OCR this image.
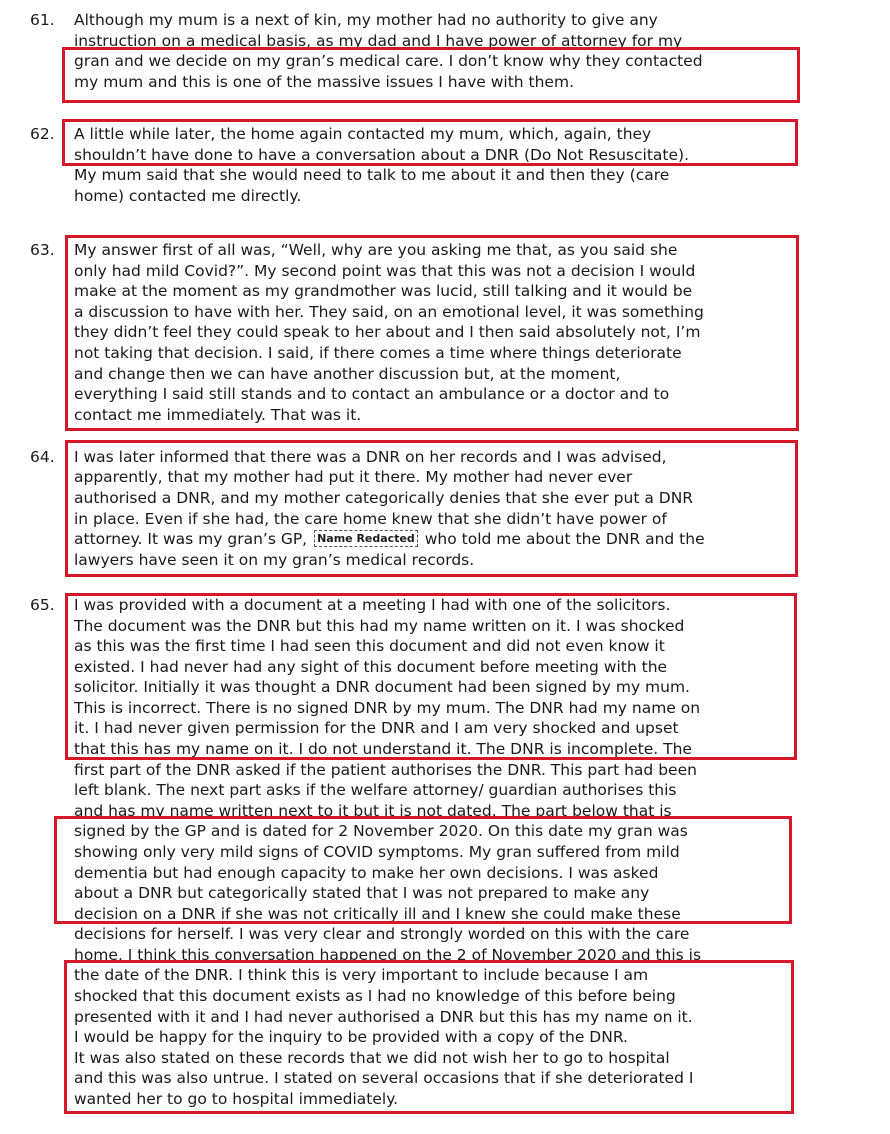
61. Although my mum is a next of kin, my mother had no authority to give any
instruction on a medical basis, as my dad and I have power of attorney for my
gran and we decide on my gran’s medical care. I don’t know why they contacted
my mum and this is one of the massive issues I have with them.
62. A little while later, the home again contacted my mum, which, again, they
shouldn’t have done to have a conversation about a DNR (Do Not Resuscitate).
My mum said that she would need to talk to me about it and then they (care
home) contacted me directly.
63. My answer first of all was, “Well, why are you asking me that, as you said she
only had mild Covid?”. My second point was that this was not a decision I would
make at the moment as my grandmother was lucid, still talking and it would be
a discussion to have with her. They said, on an emotional level, it was something
they didn’t feel they could speak to her about and I then said absolutely not, I’m
not taking that decision. I said, if there comes a time where things deteriorate
and change then we can have another discussion but, at the moment,
everything I said still stands and to contact an ambulance or a doctor and to
contact me immediately. That was it.
64. I was later informed that there was a DNR on her records and I was advised,
apparently, that my mother had put it there. My mother had never ever
authorised a DNR, and my mother categorically denies that she ever put a DNR
in place. Even if she had, the care home knew that she didn’t have power of
attorney. It was my gran’s GP, Name Redacted who told me about the DNR and the
lawyers have seen it on my gran’s medical records.
65. I was provided with a document at a meeting I had with one of the solicitors.
The document was the DNR but this had my name written on it. I was shocked
as this was the first time I had seen this document and did not even know it
existed. I had never had any sight of this document before meeting with the
solicitor. Initially it was thought a DNR document had been signed by my mum.
This is incorrect. There is no signed DNR by my mum. The DNR had my name on
it. I had never given permission for the DNR and I am very shocked and upset
that this has my name on it. I do not understand it. The DNR is incomplete. The
first part of the DNR asked if the patient authorises the DNR. This part had been
left blank. The next part asks if the welfare attorney/ guardian authorises this
and has my name written next to it but it is not dated. The part below that is
signed by the GP and is dated for 2 November 2020. On this date my gran was
showing only very mild signs of COVID symptoms. My gran suffered from mild
dementia but had enough capacity to make her own decisions. I was asked
about a DNR but categorically stated that I was not prepared to make any
decision on a DNR if she was not critically ill and I knew she could make these
decisions for herself. I was very clear and strongly worded on this with the care
home. I think this conversation happened on the 2 of November 2020 and this is
the date of the DNR. I think this is very important to include because I am
shocked that this document exists as I had no knowledge of this before being
presented with it and I had never authorised a DNR but this has my name on it.
I would be happy for the inquiry to be provided with a copy of the DNR.
It was also stated on these records that we did not wish her to go to hospital
and this was also untrue. I stated on several occasions that if she deteriorated I
wanted her to go to hospital immediately.
